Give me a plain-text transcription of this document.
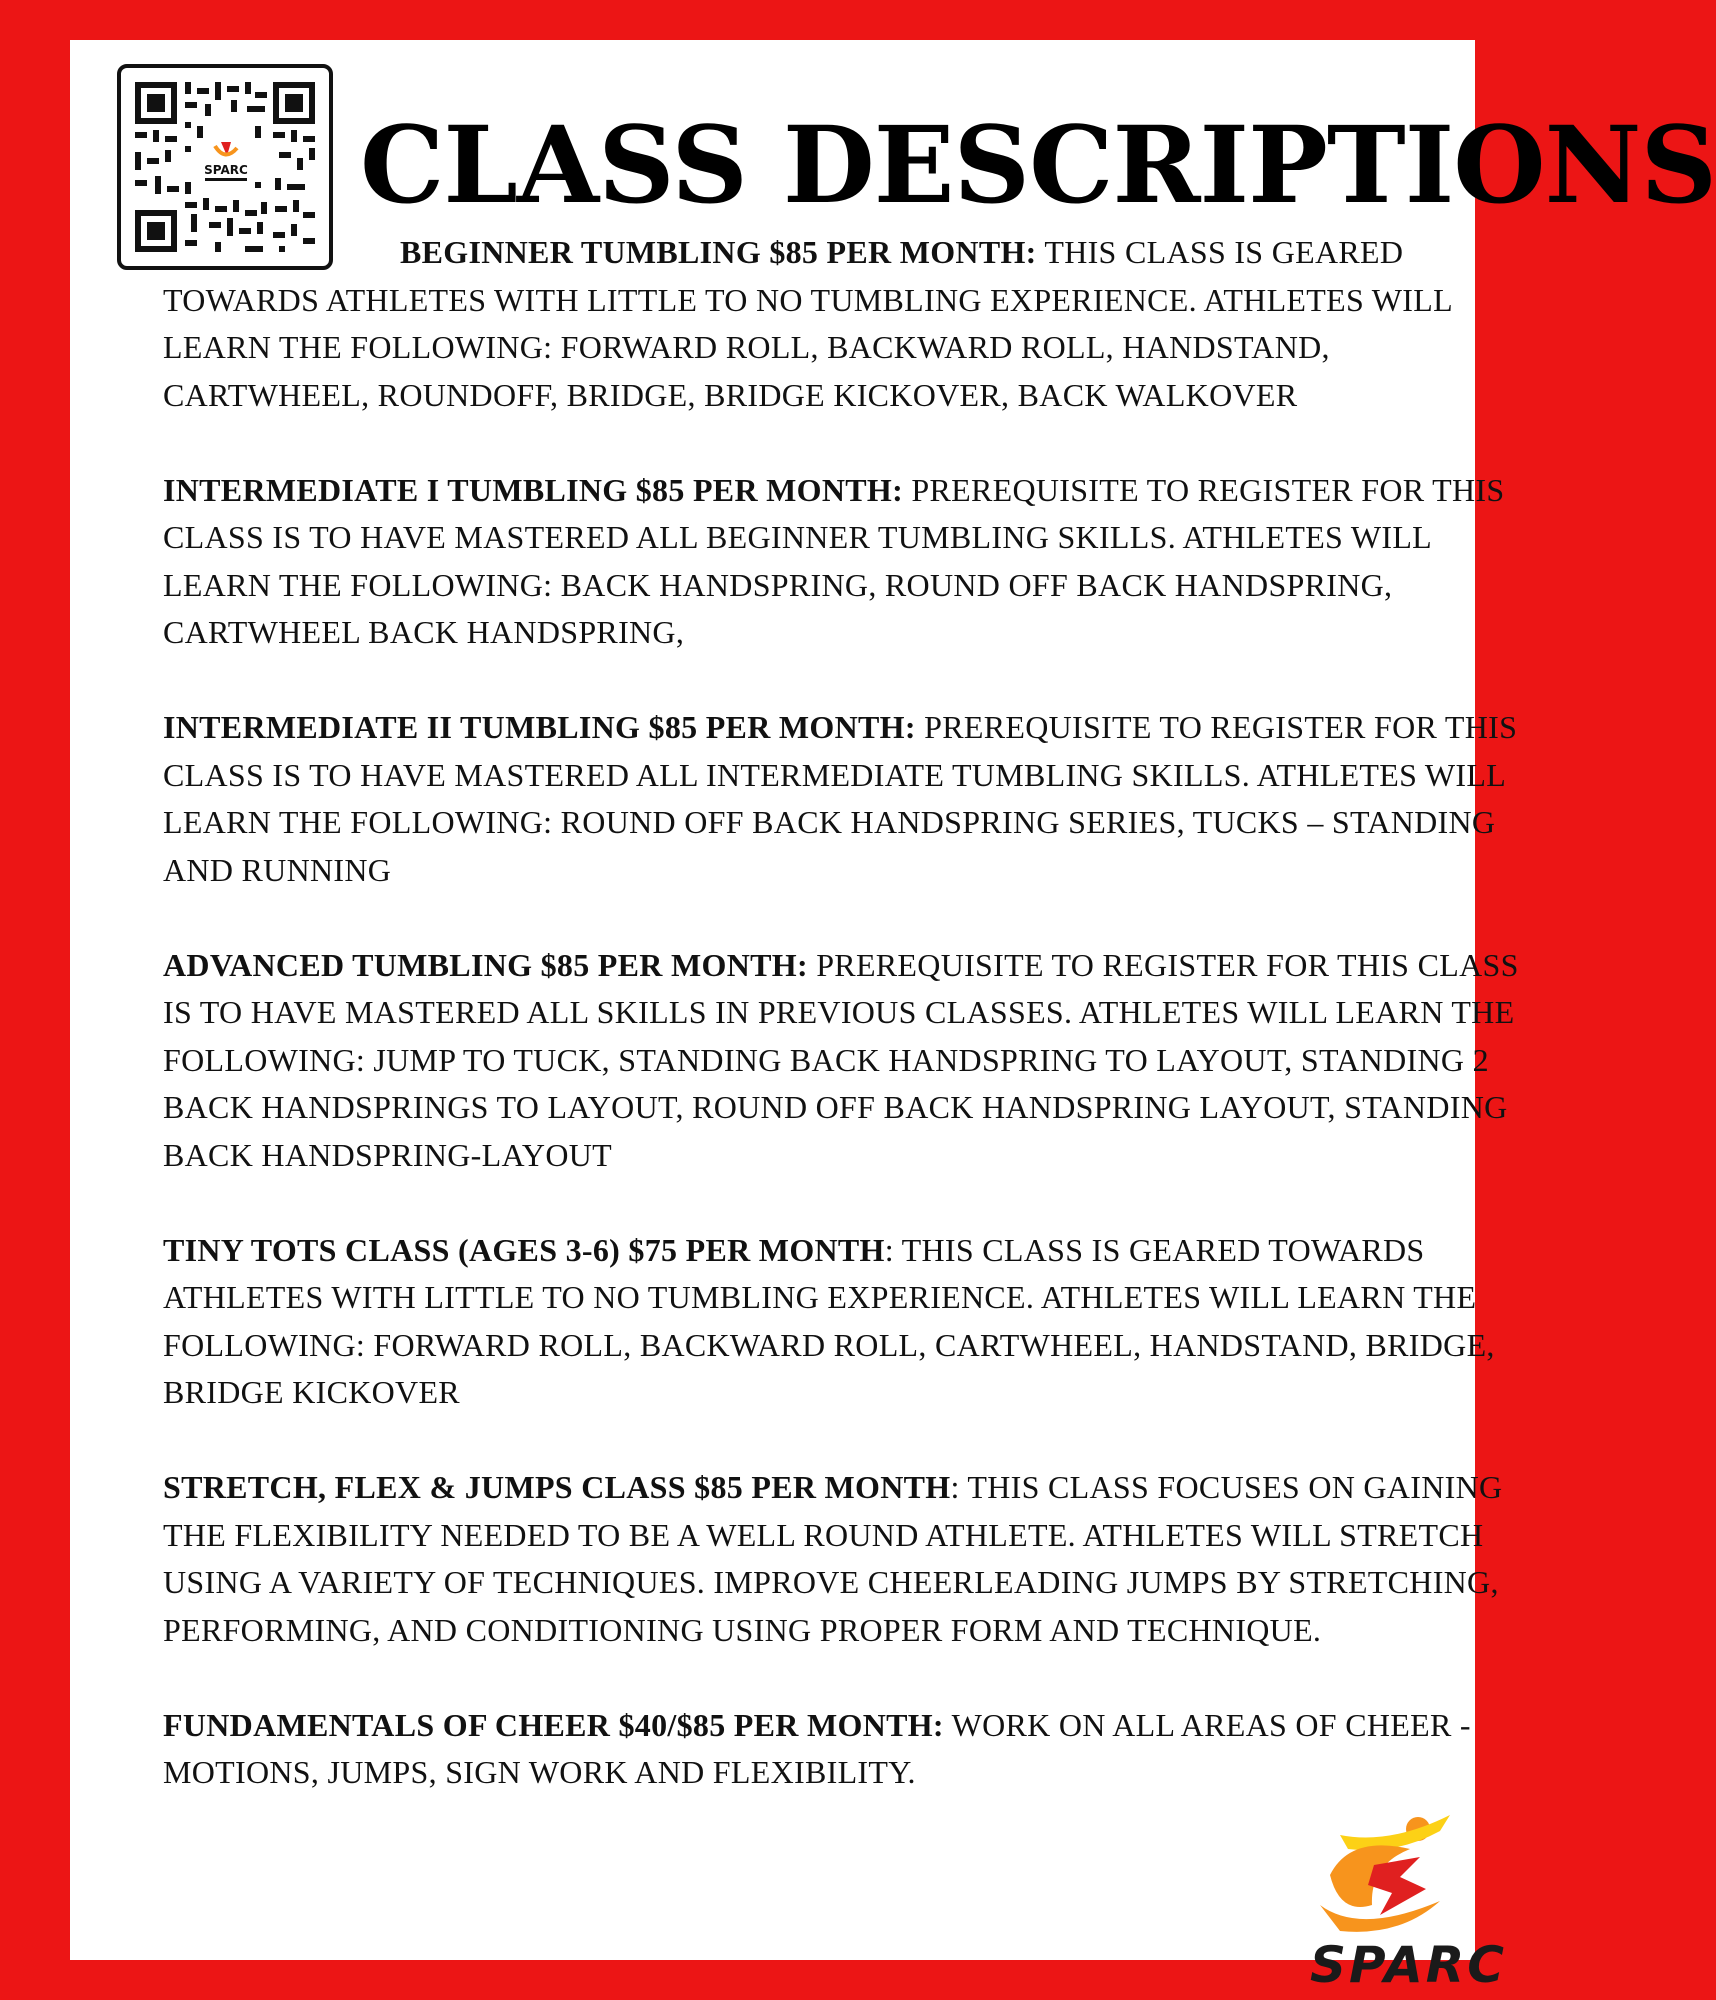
SPARC CLASS DESCRIPTIONS

BEGINNER TUMBLING $85 PER MONTH: THIS CLASS IS GEARED TOWARDS ATHLETES WITH LITTLE TO NO TUMBLING EXPERIENCE. ATHLETES WILL LEARN THE FOLLOWING: FORWARD ROLL, BACKWARD ROLL, HANDSTAND, CARTWHEEL, ROUNDOFF, BRIDGE, BRIDGE KICKOVER, BACK WALKOVER

INTERMEDIATE I TUMBLING $85 PER MONTH: PREREQUISITE TO REGISTER FOR THIS CLASS IS TO HAVE MASTERED ALL BEGINNER TUMBLING SKILLS. ATHLETES WILL LEARN THE FOLLOWING: BACK HANDSPRING, ROUND OFF BACK HANDSPRING, CARTWHEEL BACK HANDSPRING,

INTERMEDIATE II TUMBLING $85 PER MONTH: PREREQUISITE TO REGISTER FOR THIS CLASS IS TO HAVE MASTERED ALL INTERMEDIATE TUMBLING SKILLS. ATHLETES WILL LEARN THE FOLLOWING: ROUND OFF BACK HANDSPRING SERIES, TUCKS – STANDING AND RUNNING

ADVANCED TUMBLING $85 PER MONTH: PREREQUISITE TO REGISTER FOR THIS CLASS IS TO HAVE MASTERED ALL SKILLS IN PREVIOUS CLASSES. ATHLETES WILL LEARN THE FOLLOWING: JUMP TO TUCK, STANDING BACK HANDSPRING TO LAYOUT, STANDING 2 BACK HANDSPRINGS TO LAYOUT, ROUND OFF BACK HANDSPRING LAYOUT, STANDING BACK HANDSPRING-LAYOUT

TINY TOTS CLASS (AGES 3-6) $75 PER MONTH: THIS CLASS IS GEARED TOWARDS ATHLETES WITH LITTLE TO NO TUMBLING EXPERIENCE. ATHLETES WILL LEARN THE FOLLOWING: FORWARD ROLL, BACKWARD ROLL, CARTWHEEL, HANDSTAND, BRIDGE, BRIDGE KICKOVER

STRETCH, FLEX & JUMPS CLASS $85 PER MONTH: THIS CLASS FOCUSES ON GAINING THE FLEXIBILITY NEEDED TO BE A WELL ROUND ATHLETE. ATHLETES WILL STRETCH USING A VARIETY OF TECHNIQUES. IMPROVE CHEERLEADING JUMPS BY STRETCHING, PERFORMING, AND CONDITIONING USING PROPER FORM AND TECHNIQUE.

FUNDAMENTALS OF CHEER $40/$85 PER MONTH: WORK ON ALL AREAS OF CHEER - MOTIONS, JUMPS, SIGN WORK AND FLEXIBILITY.

SPARC
